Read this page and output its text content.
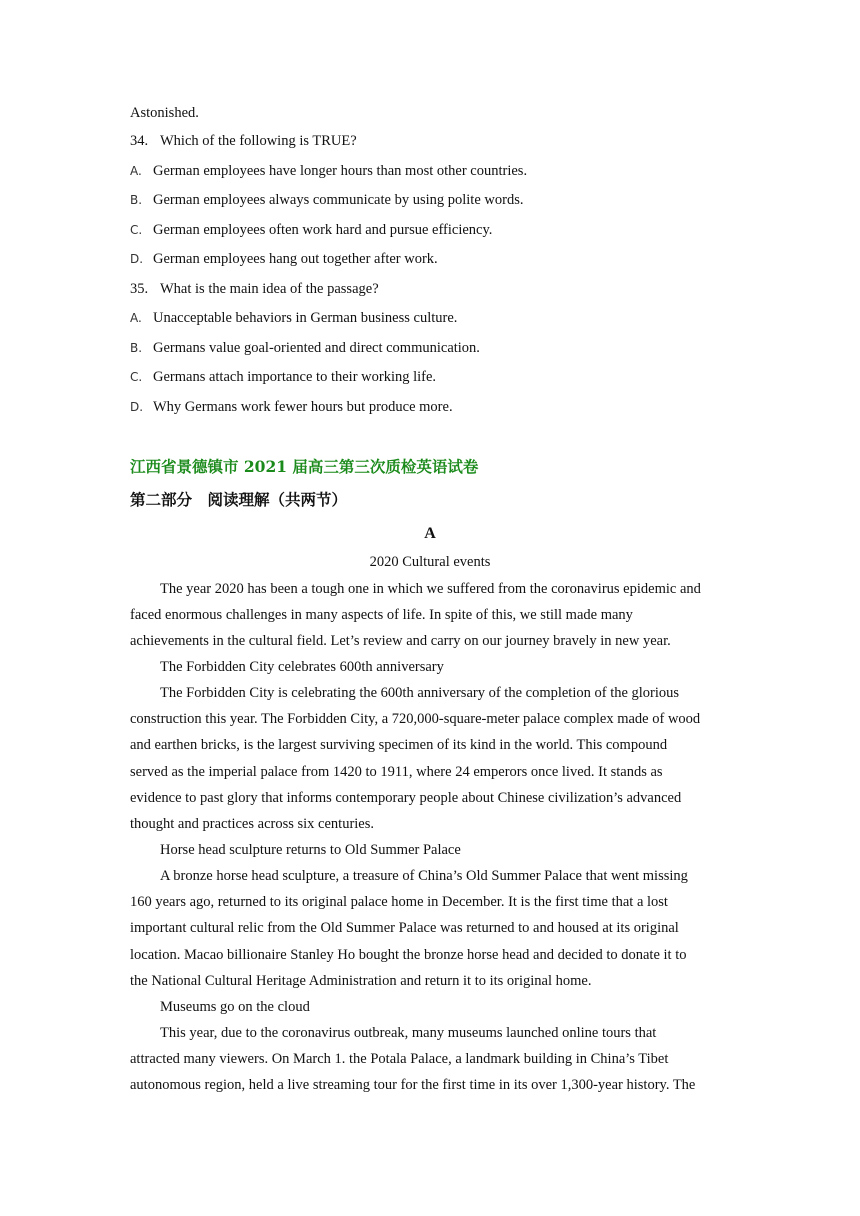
Astonished.
34. Which of the following is TRUE?
A. German employees have longer hours than most other countries.
B. German employees always communicate by using polite words.
C. German employees often work hard and pursue efficiency.
D. German employees hang out together after work.
35. What is the main idea of the passage?
A. Unacceptable behaviors in German business culture.
B. Germans value goal-oriented and direct communication.
C. Germans attach importance to their working life.
D. Why Germans work fewer hours but produce more.
江西省景德镇市 2021 届高三第三次质检英语试卷
第二部分　阅读理解（共两节）
A
2020 Cultural events
The year 2020 has been a tough one in which we suffered from the coronavirus epidemic and
faced enormous challenges in many aspects of life. In spite of this, we still made many
achievements in the cultural field. Let’s review and carry on our journey bravely in new year.
The Forbidden City celebrates 600th anniversary
The Forbidden City is celebrating the 600th anniversary of the completion of the glorious
construction this year. The Forbidden City, a 720,000-square-meter palace complex made of wood
and earthen bricks, is the largest surviving specimen of its kind in the world. This compound
served as the imperial palace from 1420 to 1911, where 24 emperors once lived. It stands as
evidence to past glory that informs contemporary people about Chinese civilization’s advanced
thought and practices across six centuries.
Horse head sculpture returns to Old Summer Palace
A bronze horse head sculpture, a treasure of China’s Old Summer Palace that went missing
160 years ago, returned to its original palace home in December. It is the first time that a lost
important cultural relic from the Old Summer Palace was returned to and housed at its original
location. Macao billionaire Stanley Ho bought the bronze horse head and decided to donate it to
the National Cultural Heritage Administration and return it to its original home.
Museums go on the cloud
This year, due to the coronavirus outbreak, many museums launched online tours that
attracted many viewers. On March 1. the Potala Palace, a landmark building in China’s Tibet
autonomous region, held a live streaming tour for the first time in its over 1,300-year history. The
